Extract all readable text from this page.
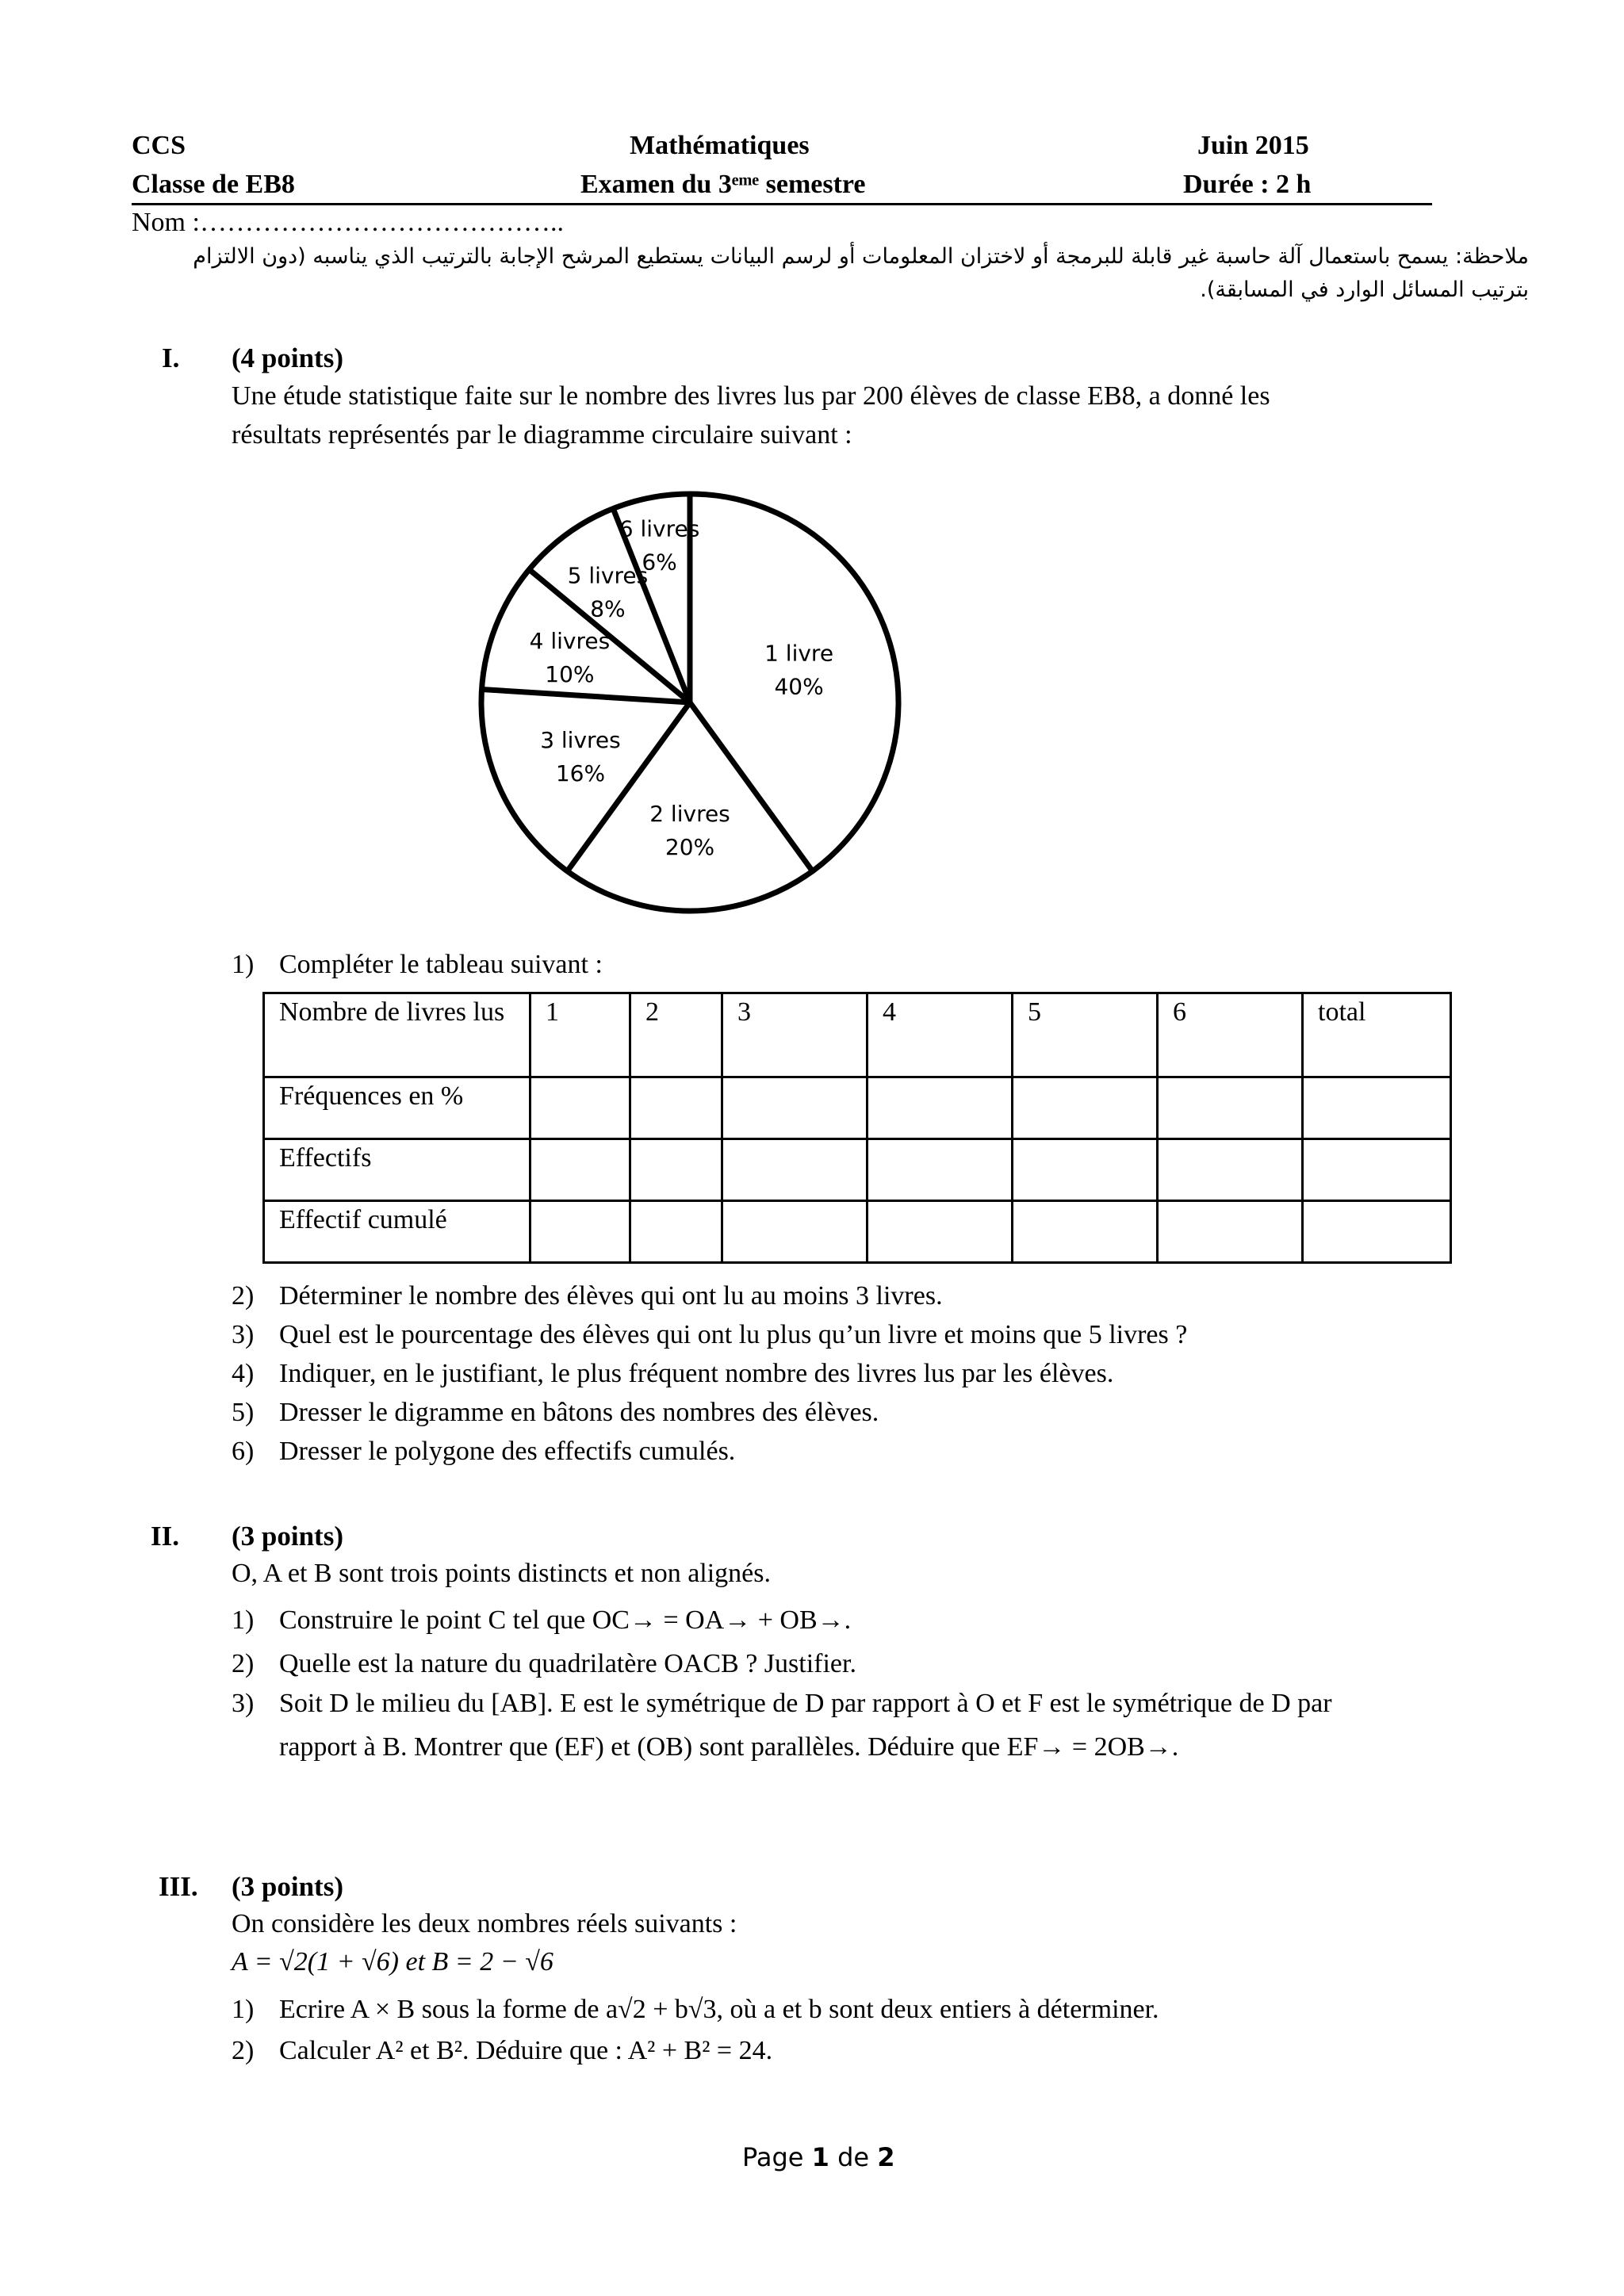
CCS	Mathématiques	Juin 2015
Classe de EB8	Examen du 3ᵉᵐᵉ semestre	Durée : 2 h
Nom :…………………………………..
ملاحظة: يسمح باستعمال آلة حاسبة غير قابلة للبرمجة أو لاختزان المعلومات أو لرسم البيانات يستطيع المرشح الإجابة بالترتيب الذي يناسبه (دون الالتزام
بترتيب المسائل الوارد في المسابقة).
I. (4 points)
Une étude statistique faite sur le nombre des livres lus par 200 élèves de classe EB8, a donné les
résultats représentés par le diagramme circulaire suivant :
1 livre
40%
2 livres
20%
3 livres
16%
4 livres
10%
5 livres
8%
6 livres
6%
1) Compléter le tableau suivant :
Nombre de livres lus	1	2	3	4	5	6	total
Fréquences en %							
Effectifs							
Effectif cumulé							
2) Déterminer le nombre des élèves qui ont lu au moins 3 livres.
3) Quel est le pourcentage des élèves qui ont lu plus qu’un livre et moins que 5 livres ?
4) Indiquer, en le justifiant, le plus fréquent nombre des livres lus par les élèves.
5) Dresser le digramme en bâtons des nombres des élèves.
6) Dresser le polygone des effectifs cumulés.
II. (3 points)
O, A et B sont trois points distincts et non alignés.
1) Construire le point C tel que OC→ = OA→ + OB→.
2) Quelle est la nature du quadrilatère OACB ? Justifier.
3) Soit D le milieu du [AB]. E est le symétrique de D par rapport à O et F est le symétrique de D par
rapport à B. Montrer que (EF) et (OB) sont parallèles. Déduire que EF→ = 2OB→.
III. (3 points)
On considère les deux nombres réels suivants :
A = √2(1 + √6) et B = 2 − √6
1) Ecrire A × B sous la forme de a√2 + b√3, où a et b sont deux entiers à déterminer.
2) Calculer A² et B². Déduire que : A² + B² = 24.
Page 1 de 2
